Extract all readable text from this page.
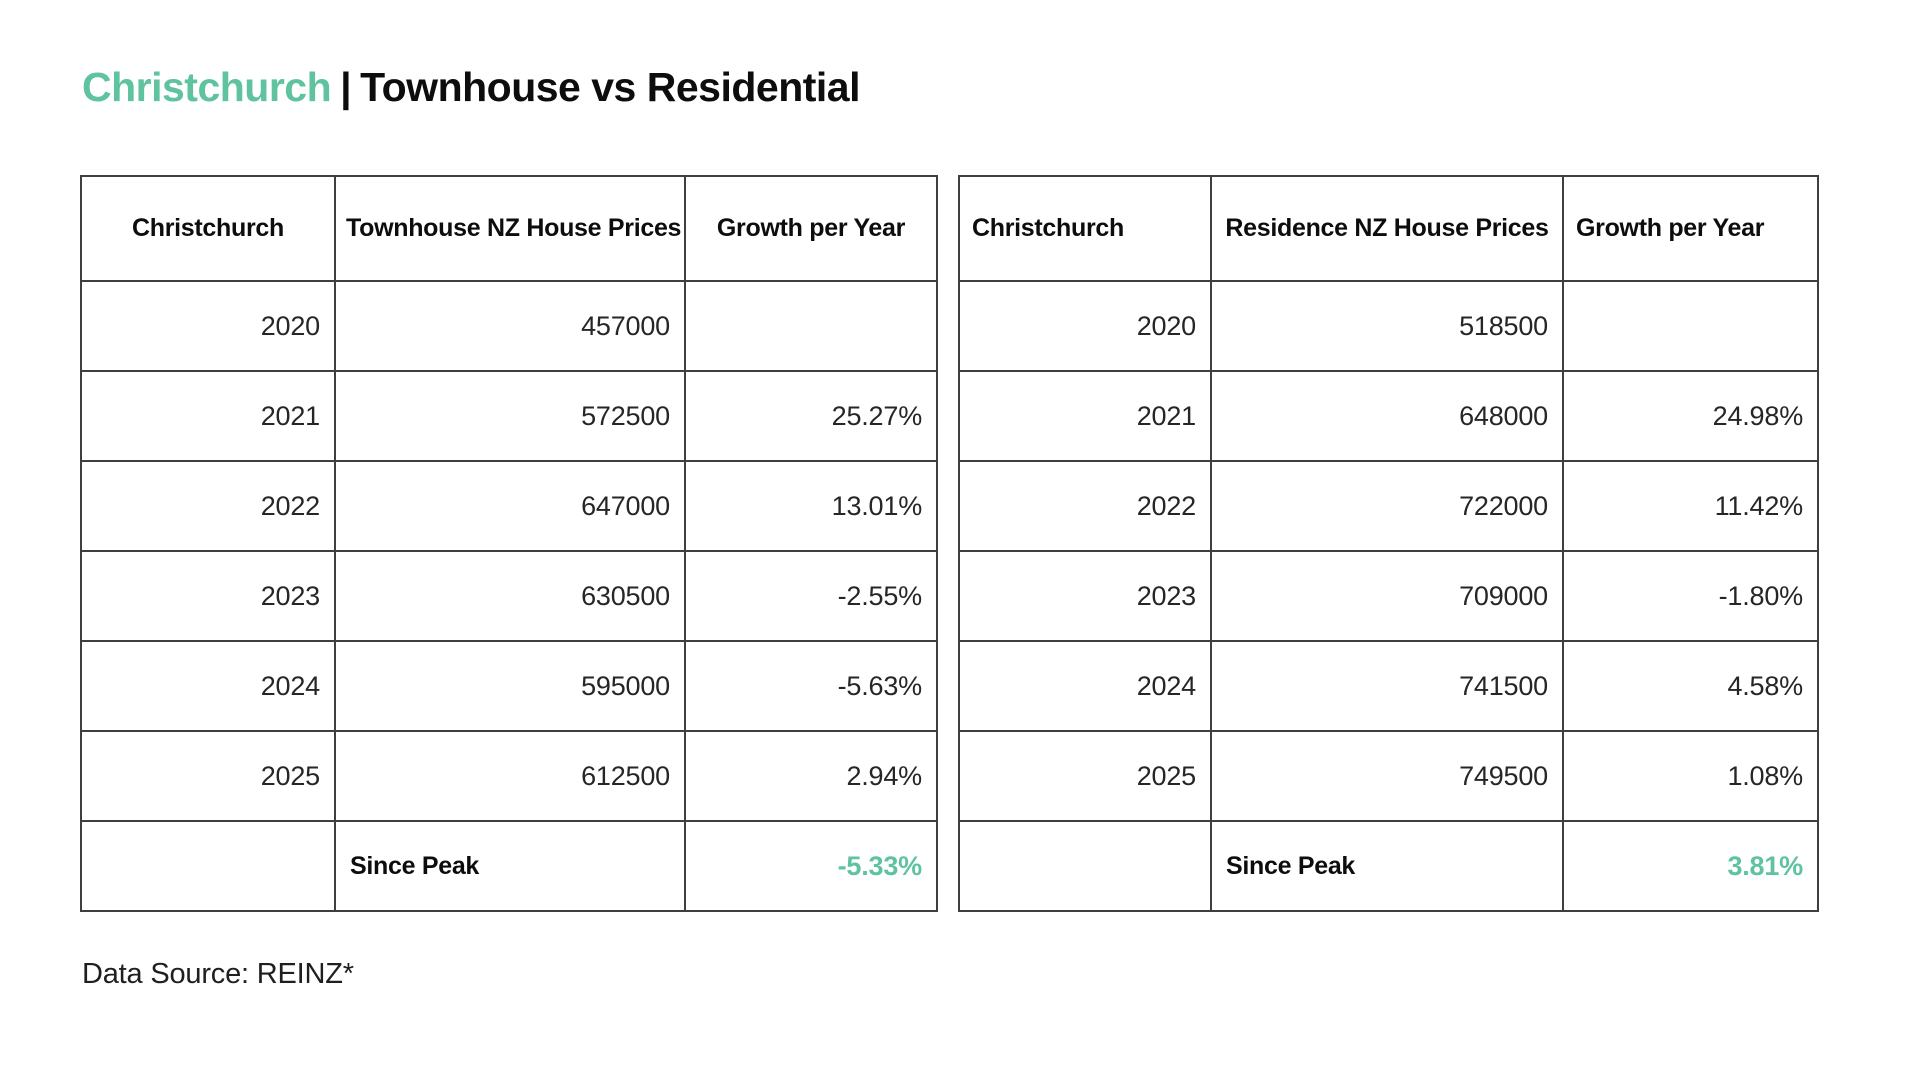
Christchurch | Townhouse vs Residential
Christchurch	Townhouse NZ House Prices	Growth per Year
2020	457000	
2021	572500	25.27%
2022	647000	13.01%
2023	630500	-2.55%
2024	595000	-5.63%
2025	612500	2.94%
	Since Peak	-5.33%
Christchurch	Residence NZ House Prices	Growth per Year
2020	518500	
2021	648000	24.98%
2022	722000	11.42%
2023	709000	-1.80%
2024	741500	4.58%
2025	749500	1.08%
	Since Peak	3.81%

Data Source: REINZ*
